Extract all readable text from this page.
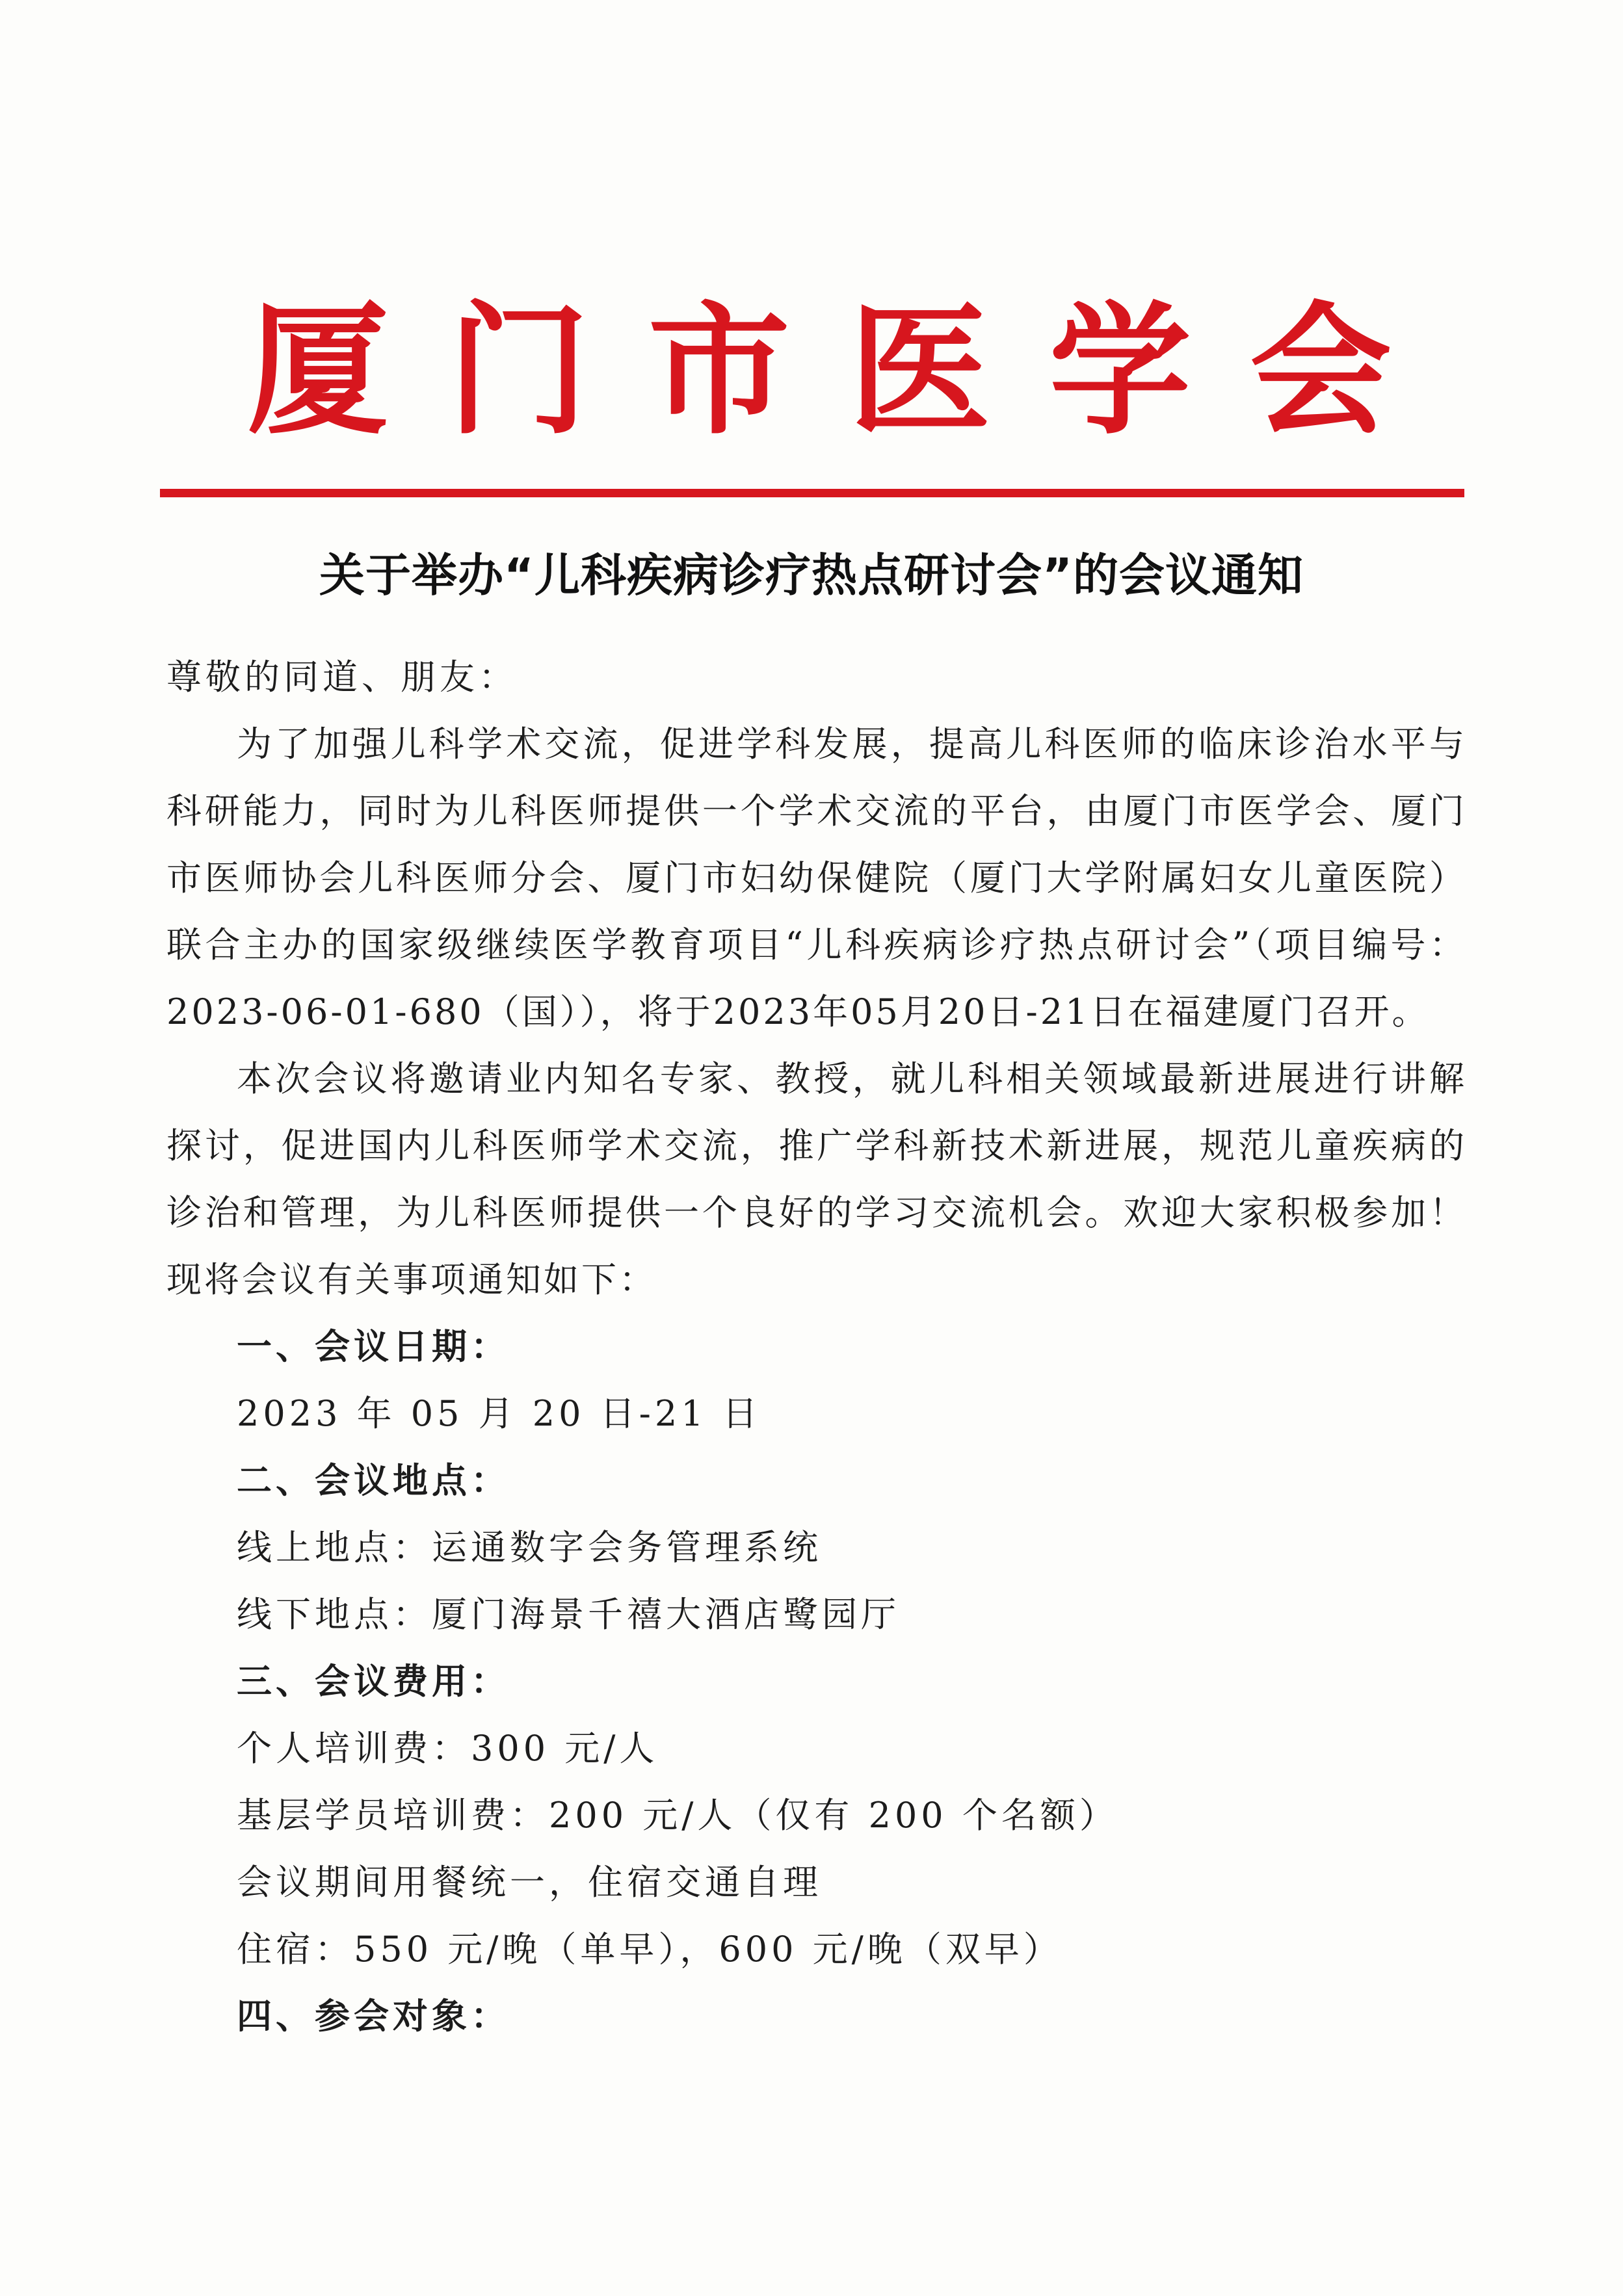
厦 门 市 医 学 会
关于举办“儿科疾病诊疗热点研讨会”的会议通知

尊敬的同道、朋友：

为了加强儿科学术交流，促进学科发展，提高儿科医师的临床诊治水平与科研能力，同时为儿科医师提供一个学术交流的平台，由厦门市医学会、厦门市医师协会儿科医师分会、厦门市妇幼保健院（厦门大学附属妇女儿童医院）联合主办的国家级继续医学教育项目“儿科疾病诊疗热点研讨会”（项目编号：2023-06-01-680（国）），将于2023年05月20日-21日在福建厦门召开。

本次会议将邀请业内知名专家、教授，就儿科相关领域最新进展进行讲解探讨，促进国内儿科医师学术交流，推广学科新技术新进展，规范儿童疾病的诊治和管理，为儿科医师提供一个良好的学习交流机会。欢迎大家积极参加！现将会议有关事项通知如下：

一、会议日期：

2023 年 05 月 20 日-21 日

二、会议地点：

线上地点：运通数字会务管理系统

线下地点：厦门海景千禧大酒店鹭园厅

三、会议费用：

个人培训费：300 元/人

基层学员培训费：200 元/人（仅有 200 个名额）

会议期间用餐统一，住宿交通自理

住宿：550 元/晚（单早），600 元/晚（双早）

四、参会对象：
